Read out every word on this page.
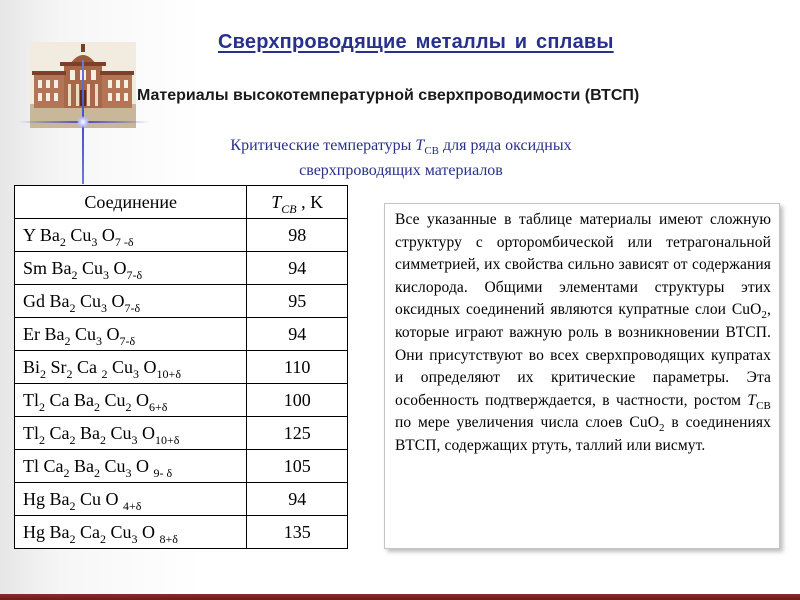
Сверхпроводящие металлы и сплавы
Материалы высокотемпературной сверхпроводимости (ВТСП)
Критические температуры $T_{СВ}$ для ряда оксидных
сверхпроводящих материалов
Соединение	$T_{CB}$ , K
Y $Ba_2$ $Cu_3$ $O_{7 -\delta}$	98
Sm $Ba_2$ $Cu_3$ $O_{7-\delta}$	94
Gd $Ba_2$ $Cu_3$ $O_{7-\delta}$	95
Er $Ba_2$ $Cu_3$ $O_{7-\delta}$	94
$Bi_2$ $Sr_2$ Ca $_2$ $Cu_3$ $O_{10+\delta}$	110
$Tl_2$ Ca $Ba_2$ $Cu_2$ $O_{6+\delta}$	100
$Tl_2$ $Ca_2$ $Ba_2$ $Cu_3$ $O_{10+\delta}$	125
Tl $Ca_2$ $Ba_2$ $Cu_3$ O $_{9- \delta}$	105
Hg $Ba_2$ Cu O $_{4+\delta}$	94
Hg $Ba_2$ $Ca_2$ $Cu_3$ O $_{8+\delta}$	135

Все указанные в таблице материалы имеют сложную структуру с орторомбической или тетрагональной симметрией, их свойства сильно зависят от содержания кислорода. Общими элементами структуры этих оксидных соединений являются купратные слои CuO$_2$, которые играют важную роль в возникновении ВТСП. Они присутствуют во всех сверхпроводящих купратах и определяют их критические параметры. Эта особенность подтверждается, в частности, ростом $T_{СВ}$ по мере увеличения числа слоев CuO$_2$ в соединениях ВТСП, содержащих ртуть, таллий или висмут.
